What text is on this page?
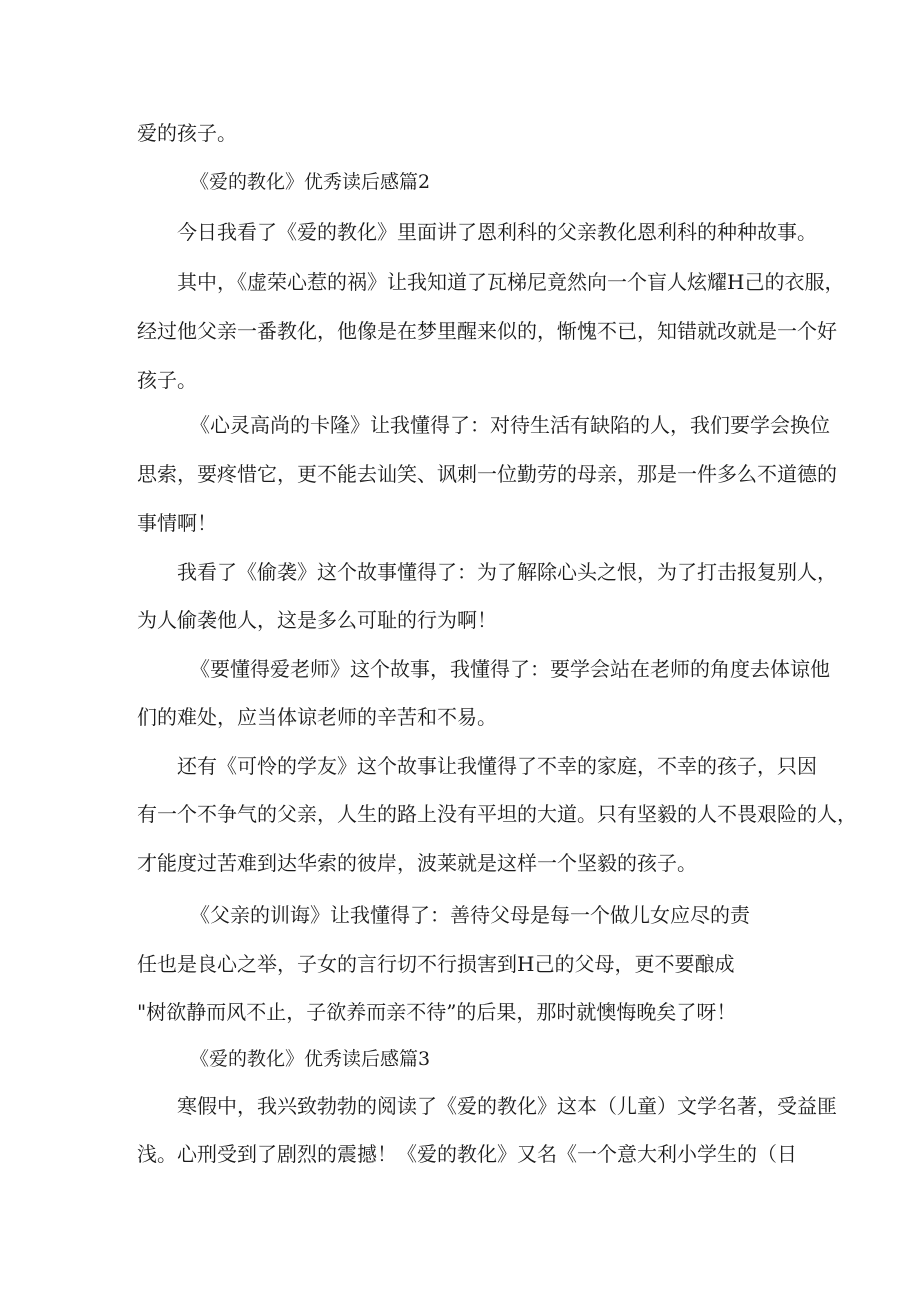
爱的孩子。
《爱的教化》优秀读后感篇2
今日我看了《爱的教化》里面讲了恩利科的父亲教化恩利科的种种故事。
其中，《虚荣心惹的祸》让我知道了瓦梯尼竟然向一个盲人炫耀H己的衣服，
经过他父亲一番教化，他像是在梦里醒来似的，惭愧不已，知错就改就是一个好
孩子。
《心灵高尚的卡隆》让我懂得了：对待生活有缺陷的人，我们要学会换位
思索，要疼惜它，更不能去讪笑、讽刺一位勤劳的母亲，那是一件多么不道德的
事情啊！
我看了《偷袭》这个故事懂得了：为了解除心头之恨，为了打击报复别人，
为人偷袭他人，这是多么可耻的行为啊！
《要懂得爱老师》这个故事，我懂得了：要学会站在老师的角度去体谅他
们的难处，应当体谅老师的辛苦和不易。
还有《可怜的学友》这个故事让我懂得了不幸的家庭，不幸的孩子，只因
有一个不争气的父亲，人生的路上没有平坦的大道。只有坚毅的人不畏艰险的人，
才能度过苦难到达华索的彼岸，波莱就是这样一个坚毅的孩子。
《父亲的训诲》让我懂得了：善待父母是每一个做儿女应尽的责
任也是良心之举，子女的言行切不行损害到H己的父母，更不要酿成
"树欲静而风不止，子欲养而亲不待”的后果，那时就懊悔晚矣了呀！
《爱的教化》优秀读后感篇3
寒假中，我兴致勃勃的阅读了《爱的教化》这本（儿童）文学名著，受益匪
浅。心刑受到了剧烈的震撼！《爱的教化》又名《一个意大利小学生的（日
